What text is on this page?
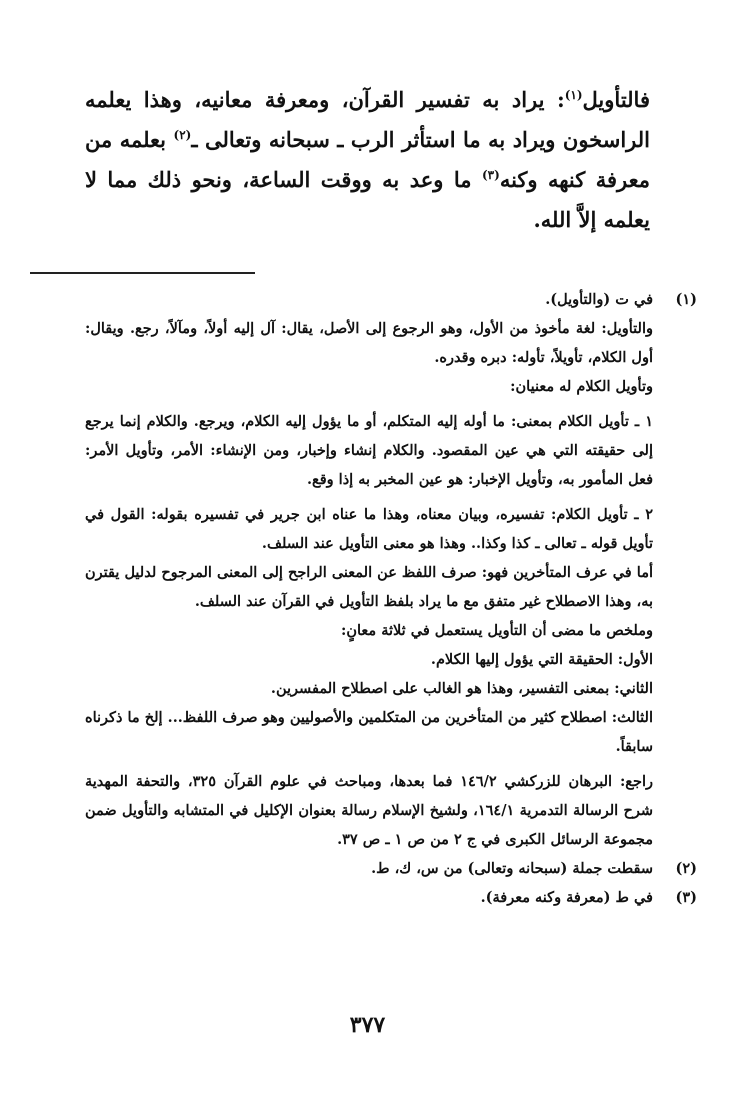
فالتأويل$^{(١)}$: يراد به تفسير القرآن، ومعرفة معانيه، وهذا يعلمه الراسخون ويراد به ما استأثر الرب ـ سبحانه وتعالى ـ$^{(٢)}$ بعلمه من معرفة كنهه وكنه$^{(٣)}$ ما وعد به ووقت الساعة، ونحو ذلك مما لا يعلمه إلاَّ الله.

(١)

في ت (والتأويل).

والتأويل: لغة مأخوذ من الأول، وهو الرجوع إلى الأصل، يقال: آل إليه أولاً، ومآلاً، رجع. ويقال: أول الكلام، تأويلاً، تأوله: دبره وقدره.

وتأويل الكلام له معنيان:

١ ـ تأويل الكلام بمعنى: ما أوله إليه المتكلم، أو ما يؤول إليه الكلام، ويرجع. والكلام إنما يرجع إلى حقيقته التي هي عين المقصود. والكلام إنشاء وإخبار، ومن الإنشاء: الأمر، وتأويل الأمر: فعل المأمور به، وتأويل الإخبار: هو عين المخبر به إذا وقع.

٢ ـ تأويل الكلام: تفسيره، وبيان معناه، وهذا ما عناه ابن جرير في تفسيره بقوله: القول في تأويل قوله ـ تعالى ـ كذا وكذا.. وهذا هو معنى التأويل عند السلف.

أما في عرف المتأخرين فهو: صرف اللفظ عن المعنى الراجح إلى المعنى المرجوح لدليل يقترن به، وهذا الاصطلاح غير متفق مع ما يراد بلفظ التأويل في القرآن عند السلف.

وملخص ما مضى أن التأويل يستعمل في ثلاثة معانٍ:

الأول: الحقيقة التي يؤول إليها الكلام.

الثاني: بمعنى التفسير، وهذا هو الغالب على اصطلاح المفسرين.

الثالث: اصطلاح كثير من المتأخرين من المتكلمين والأصوليين وهو صرف اللفظ... إلخ ما ذكرناه سابقاً.

راجع: البرهان للزركشي ١٤٦/٢ فما بعدها، ومباحث في علوم القرآن ٣٢٥، والتحفة المهدية شرح الرسالة التدمرية ١٦٤/١، ولشيخ الإسلام رسالة بعنوان الإكليل في المتشابه والتأويل ضمن مجموعة الرسائل الكبرى في ج ٢ من ص ١ ـ ص ٣٧.

(٢)

سقطت جملة (سبحانه وتعالى) من س، ك، ط.

(٣)

في ط (معرفة وكنه معرفة).

٣٧٧
